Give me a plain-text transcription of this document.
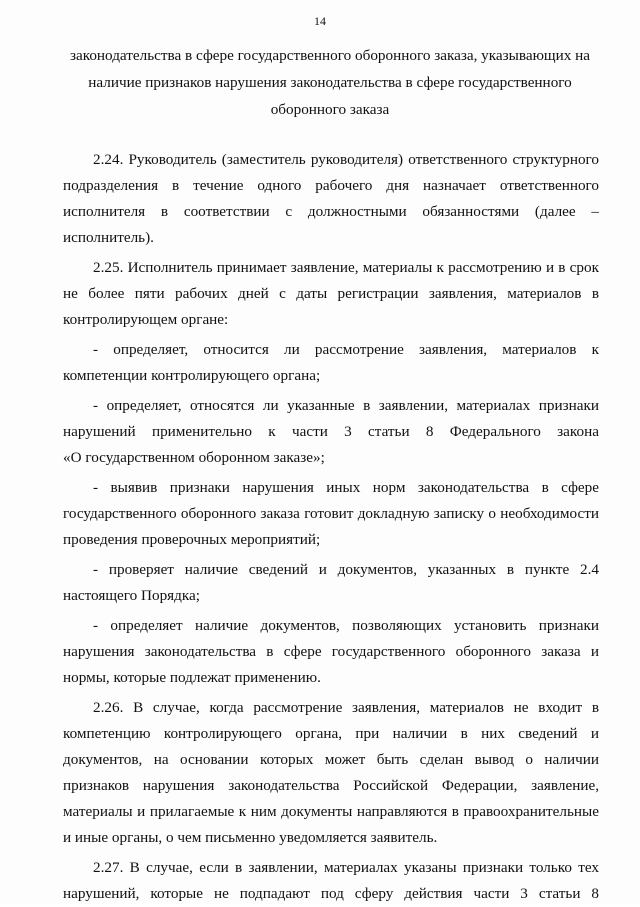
14
законодательства в сфере государственного оборонного заказа, указывающих на
наличие признаков нарушения законодательства в сфере государственного
оборонного заказа
2.24. Руководитель (заместитель руководителя) ответственного структурного
подразделения в течение одного рабочего дня назначает ответственного
исполнителя в соответствии с должностными обязанностями (далее –
исполнитель).
2.25. Исполнитель принимает заявление, материалы к рассмотрению и в срок
не более пяти рабочих дней с даты регистрации заявления, материалов в
контролирующем органе:
- определяет, относится ли рассмотрение заявления, материалов к
компетенции контролирующего органа;
- определяет, относятся ли указанные в заявлении, материалах признаки
нарушений применительно к части 3 статьи 8 Федерального закона
«О государственном оборонном заказе»;
- выявив признаки нарушения иных норм законодательства в сфере
государственного оборонного заказа готовит докладную записку о необходимости
проведения проверочных мероприятий;
- проверяет наличие сведений и документов, указанных в пункте 2.4
настоящего Порядка;
- определяет наличие документов, позволяющих установить признаки
нарушения законодательства в сфере государственного оборонного заказа и
нормы, которые подлежат применению.
2.26. В случае, когда рассмотрение заявления, материалов не входит в
компетенцию контролирующего органа, при наличии в них сведений и
документов, на основании которых может быть сделан вывод о наличии
признаков нарушения законодательства Российской Федерации, заявление,
материалы и прилагаемые к ним документы направляются в правоохранительные
и иные органы, о чем письменно уведомляется заявитель.
2.27. В случае, если в заявлении, материалах указаны признаки только тех
нарушений, которые не подпадают под сферу действия части 3 статьи 8
